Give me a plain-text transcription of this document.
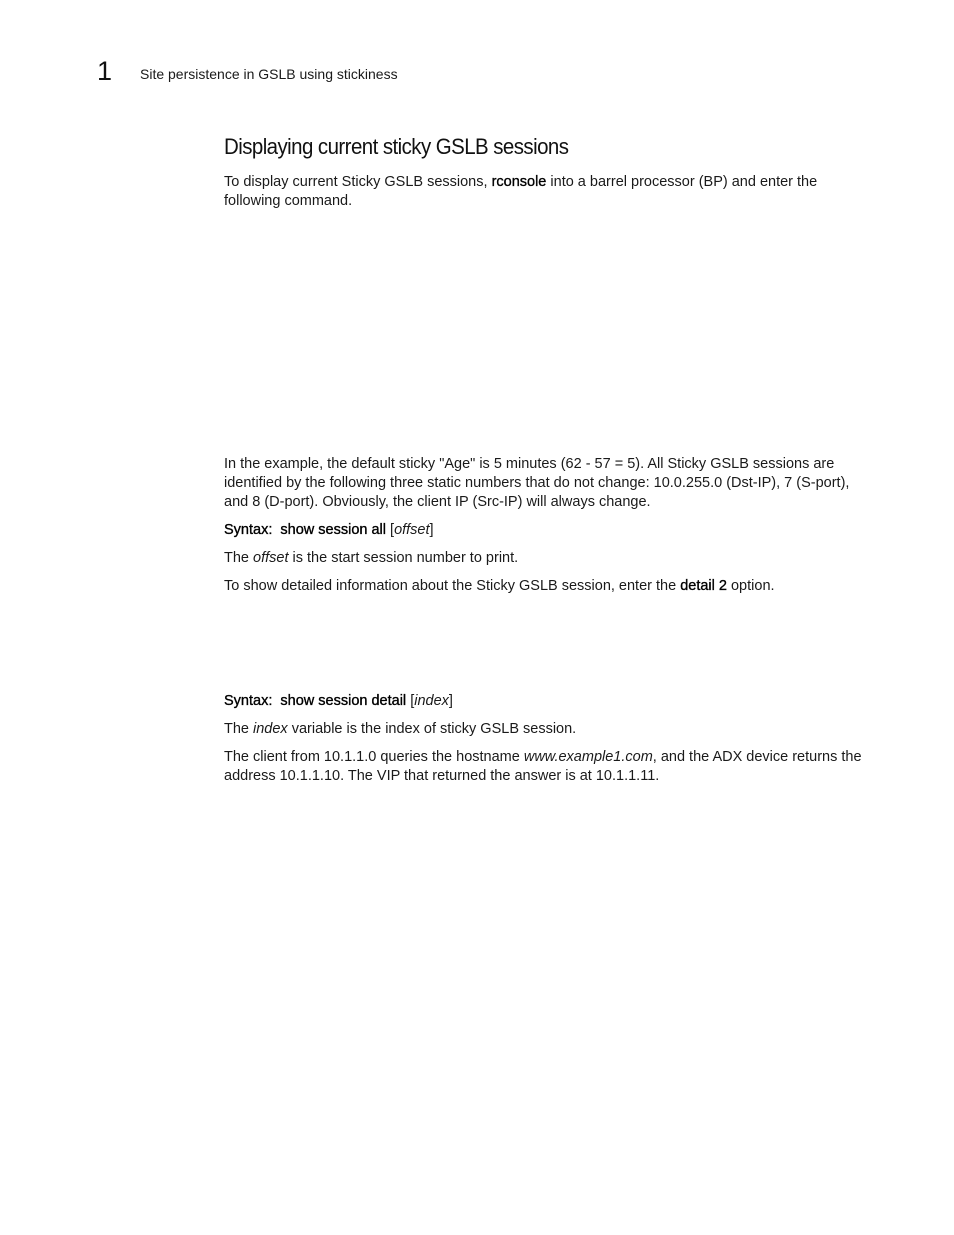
1 Site persistence in GSLB using stickiness
Displaying current sticky GSLB sessions

To display current Sticky GSLB sessions, rconsole into a barrel processor (BP) and enter the following command.

In the example, the default sticky "Age" is 5 minutes (62 - 57 = 5). All Sticky GSLB sessions are identified by the following three static numbers that do not change: 10.0.255.0 (Dst-IP), 7 (S-port), and 8 (D-port). Obviously, the client IP (Src-IP) will always change.

Syntax: show session all [offset]

The offset is the start session number to print.

To show detailed information about the Sticky GSLB session, enter the detail 2 option.

Syntax: show session detail [index]

The index variable is the index of sticky GSLB session.

The client from 10.1.1.0 queries the hostname www.example1.com, and the ADX device returns the address 10.1.1.10. The VIP that returned the answer is at 10.1.1.11.
